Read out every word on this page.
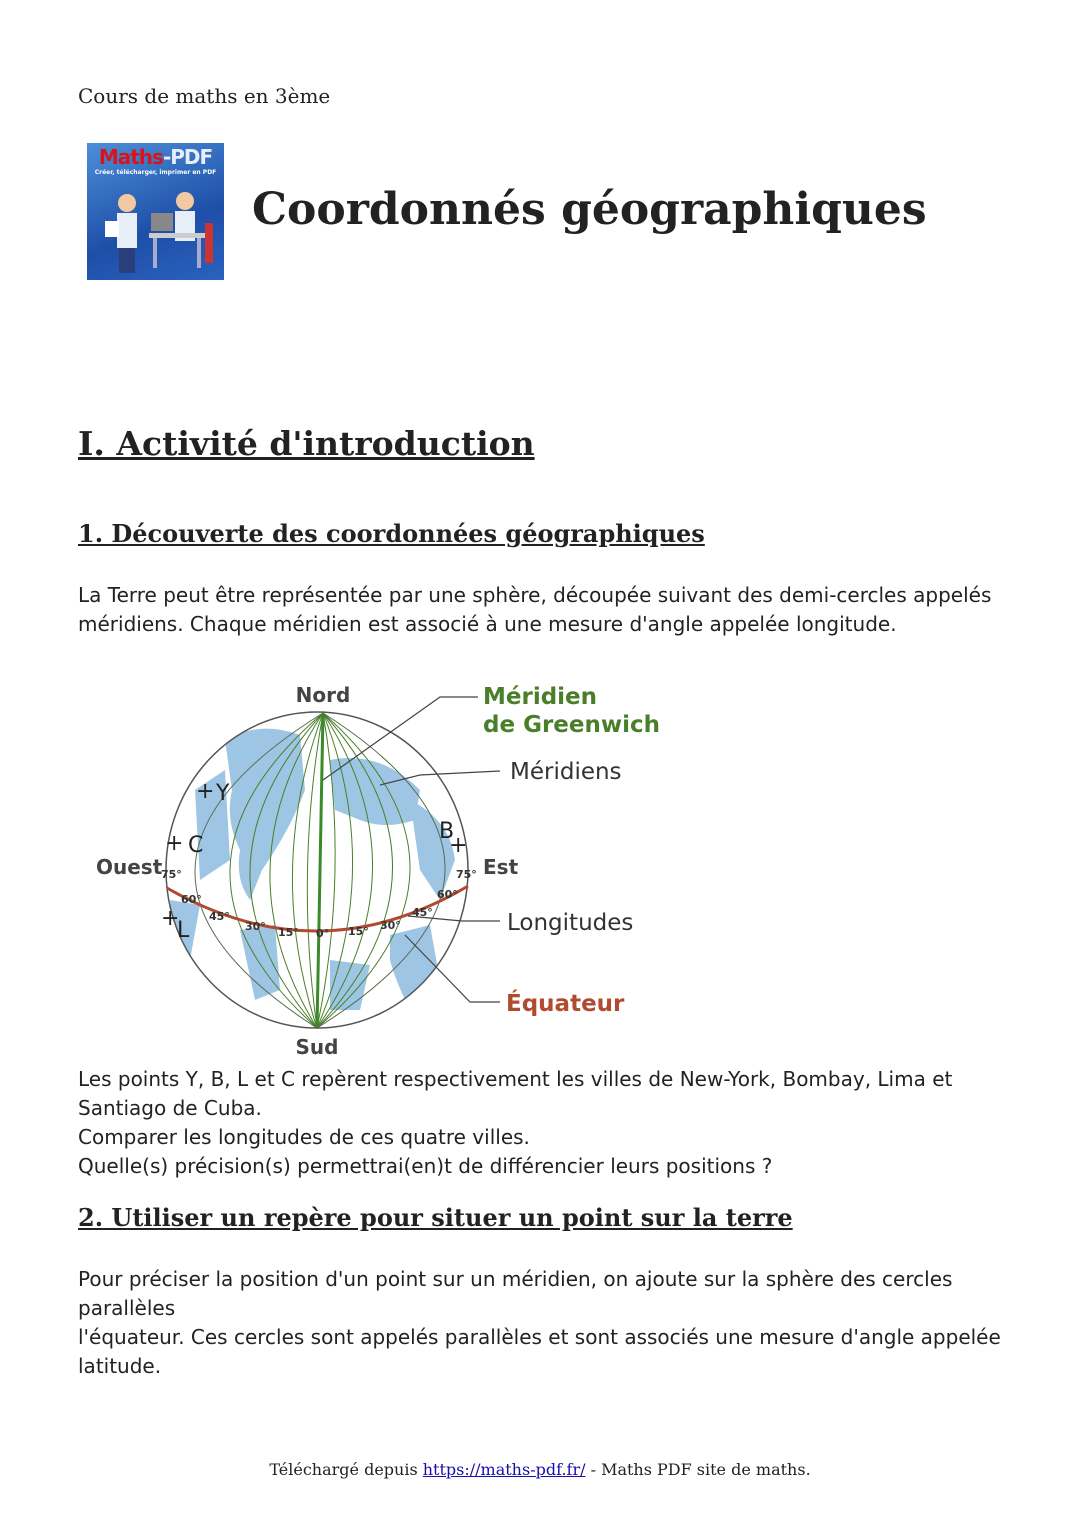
Cours de maths en 3ème
Maths-PDF
Créer, télécharger, imprimer en PDF
Coordonnés géographiques
I. Activité d'introduction
1. Découverte des coordonnées géographiques

La Terre peut être représentée par une sphère, découpée suivant des demi-cercles appelés méridiens. Chaque méridien est associé à une mesure d'angle appelée longitude.

Nord
Sud
Ouest	Est
Méridien
de Greenwich
Méridiens
Longitudes
Équateur
+ Y
+ C
+
L
+
B
75°
60°
45°
30° 15° 0° 15° 30°
45°
60°
75°

Les points Y, B, L et C repèrent respectivement les villes de New-York, Bombay, Lima et Santiago de Cuba.

Comparer les longitudes de ces quatre villes.

Quelle(s) précision(s) permettrai(en)t de différencier leurs positions ?

2. Utiliser un repère pour situer un point sur la terre

Pour préciser la position d'un point sur un méridien, on ajoute sur la sphère des cercles parallèles
l'équateur. Ces cercles sont appelés parallèles et sont associés une mesure d'angle appelée latitude.

Téléchargé depuis https://maths-pdf.fr/ - Maths PDF site de maths.
